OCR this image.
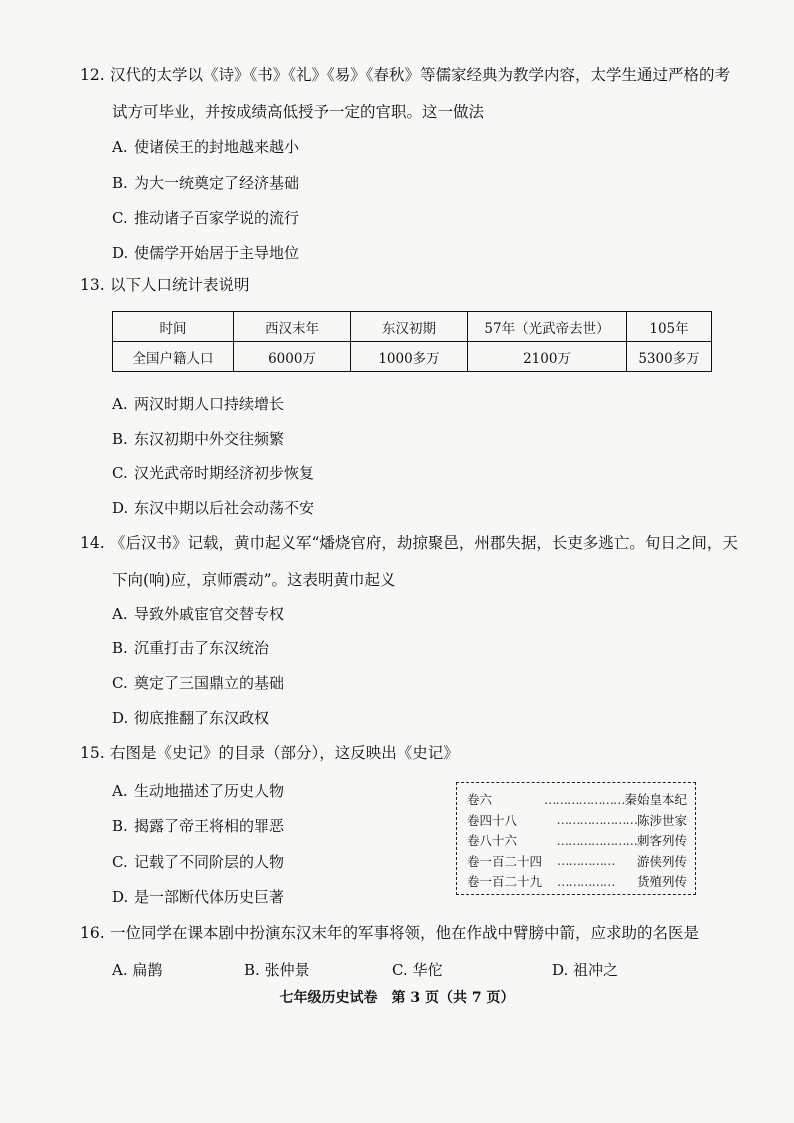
12. 汉代的太学以《诗》《书》《礼》《易》《春秋》等儒家经典为教学内容，太学生通过严格的考
试方可毕业，并按成绩高低授予一定的官职。这一做法
A. 使诸侯王的封地越来越小
B. 为大一统奠定了经济基础
C. 推动诸子百家学说的流行
D. 使儒学开始居于主导地位
13. 以下人口统计表说明
时间	西汉末年	东汉初期	57年（光武帝去世）	105年
全国户籍人口	6000万	1000多万	2100万	5300多万
A. 两汉时期人口持续增长
B. 东汉初期中外交往频繁
C. 汉光武帝时期经济初步恢复
D. 东汉中期以后社会动荡不安
14. 《后汉书》记载，黄巾起义军“燔烧官府，劫掠聚邑，州郡失据，长吏多逃亡。旬日之间，天
下向(响)应，京师震动”。这表明黄巾起义
A. 导致外戚宦官交替专权
B. 沉重打击了东汉统治
C. 奠定了三国鼎立的基础
D. 彻底推翻了东汉政权
15. 右图是《史记》的目录（部分），这反映出《史记》
A. 生动地描述了历史人物
B. 揭露了帝王将相的罪恶
C. 记载了不同阶层的人物
D. 是一部断代体历史巨著
卷六	………………… 秦始皇本纪
卷四十八	………………… 陈涉世家
卷八十六	………………… 刺客列传
卷一百二十四	……………	游侠列传
卷一百二十九	……………	货殖列传
16. 一位同学在课本剧中扮演东汉末年的军事将领，他在作战中臂膀中箭，应求助的名医是
A. 扁鹊	B. 张仲景	C. 华佗	D. 祖冲之
七年级历史试卷　第 3 页（共 7 页）
